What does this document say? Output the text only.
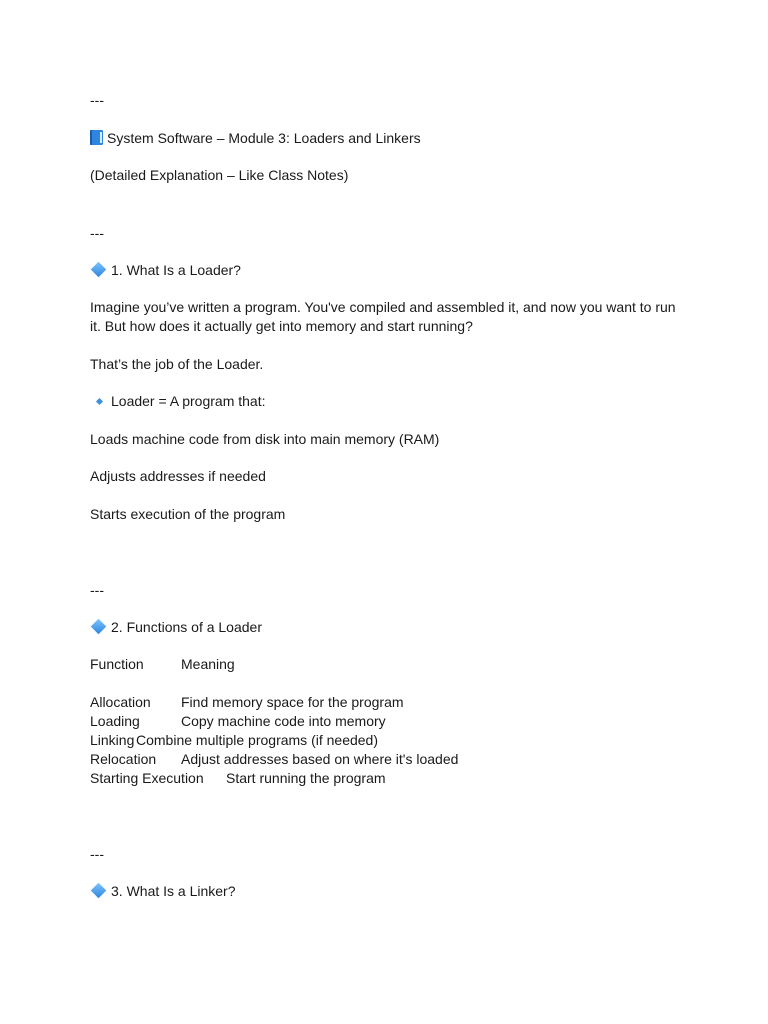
---
System Software – Module 3: Loaders and Linkers
(Detailed Explanation – Like Class Notes)
---
1. What Is a Loader?
Imagine you’ve written a program. You've compiled and assembled it, and now you want to run it. But how does it actually get into memory and start running?
That’s the job of the Loader.
Loader = A program that:
Loads machine code from disk into main memory (RAM)
Adjusts addresses if needed
Starts execution of the program
---
2. Functions of a Loader
Function	Meaning
Allocation Find memory space for the program
Loading	Copy machine code into memory
Linking Combine multiple programs (if needed)
Relocation Adjust addresses based on where it's loaded
Starting Execution Start running the program
---
3. What Is a Linker?
